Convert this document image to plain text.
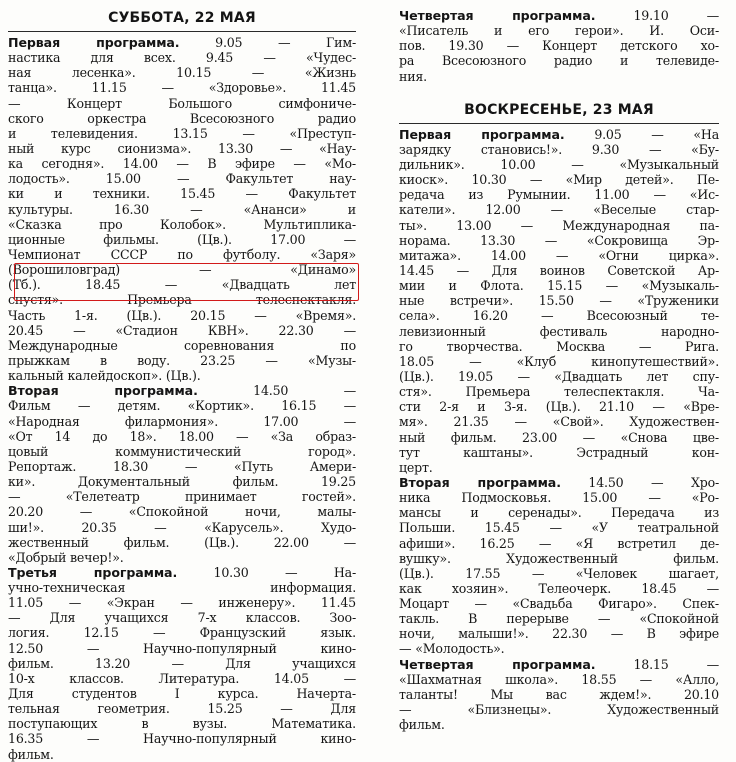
СУББОТА, 22 МАЯ
Первая программа. 9.05 — Гим-
настика для всех. 9.45 — «Чудес-
ная лесенка». 10.15 — «Жизнь
танца». 11.15 — «Здоровье». 11.45
— Концерт Большого симфониче-
ского оркестра Всесоюзного радио
и телевидения. 13.15 — «Преступ-
ный курс сионизма». 13.30 — «Нау-
ка сегодня». 14.00 — В эфире — «Мо-
лодость». 15.00 — Факультет нау-
ки и техники. 15.45 — Факультет
культуры. 16.30 — «Ананси» и
«Сказка про Колобок». Мультиплика-
ционные фильмы. (Цв.). 17.00 —
Чемпионат СССР по футболу. «Заря»
(Ворошиловград) — «Динамо»
(Тб.). 18.45 — «Двадцать лет
спустя». Премьера телеспектакля.
Часть 1-я. (Цв.). 20.15 — «Время».
20.45 — «Стадион КВН». 22.30 —
Международные соревнования по
прыжкам в воду. 23.25 — «Музы-
кальный калейдоскоп». (Цв.).
Вторая программа. 14.50 —
Фильм — детям. «Кортик». 16.15 —
«Народная филармония». 17.00 —
«От 14 до 18». 18.00 — «За образ-
цовый коммунистический город».
Репортаж. 18.30 — «Путь Амери-
ки». Документальный фильм. 19.25
— «Телетеатр принимает гостей».
20.20 — «Спокойной ночи, малы-
ши!». 20.35 — «Карусель». Худо-
жественный фильм. (Цв.). 22.00 —
«Добрый вечер!».
Третья программа. 10.30 — На-
учно-техническая информация.
11.05 — «Экран — инженеру». 11.45
— Для учащихся 7-х классов. Зоо-
логия. 12.15 — Французский язык.
12.50 — Научно-популярный кино-
фильм. 13.20 — Для учащихся
10-х классов. Литература. 14.05 —
Для студентов I курса. Начерта-
тельная геометрия. 15.25 — Для
поступающих в вузы. Математика.
16.35 — Научно-популярный кино-
фильм.
Четвертая программа. 19.10 —
«Писатель и его герои». И. Оси-
пов. 19.30 — Концерт детского хо-
ра Всесоюзного радио и телевиде-
ния.
ВОСКРЕСЕНЬЕ, 23 МАЯ
Первая программа. 9.05 — «На
зарядку становись!». 9.30 — «Бу-
дильник». 10.00 — «Музыкальный
киоск». 10.30 — «Мир детей». Пе-
редача из Румынии. 11.00 — «Ис-
катели». 12.00 — «Веселые стар-
ты». 13.00 — Международная па-
норама. 13.30 — «Сокровища Эр-
митажа». 14.00 — «Огни цирка».
14.45 — Для воинов Советской Ар-
мии и Флота. 15.15 — «Музыкаль-
ные встречи». 15.50 — «Труженики
села». 16.20 — Всесоюзный те-
левизионный фестиваль народно-
го творчества. Москва — Рига.
18.05 — «Клуб кинопутешествий».
(Цв.). 19.05 — «Двадцать лет спу-
стя». Премьера телеспектакля. Ча-
сти 2-я и 3-я. (Цв.). 21.10 — «Вре-
мя». 21.35 — «Свой». Художествен-
ный фильм. 23.00 — «Снова цве-
тут каштаны». Эстрадный кон-
церт.
Вторая программа. 14.50 — Хро-
ника Подмосковья. 15.00 — «Ро-
мансы и серенады». Передача из
Польши. 15.45 — «У театральной
афиши». 16.25 — «Я встретил де-
вушку». Художественный фильм.
(Цв.). 17.55 — «Человек шагает,
как хозяин». Телеочерк. 18.45 —
Моцарт — «Свадьба Фигаро». Спек-
такль. В перерыве — «Спокойной
ночи, малыши!». 22.30 — В эфире
— «Молодость».
Четвертая программа. 18.15 —
«Шахматная школа». 18.55 — «Алло,
таланты! Мы вас ждем!». 20.10
— «Близнецы». Художественный
фильм.
